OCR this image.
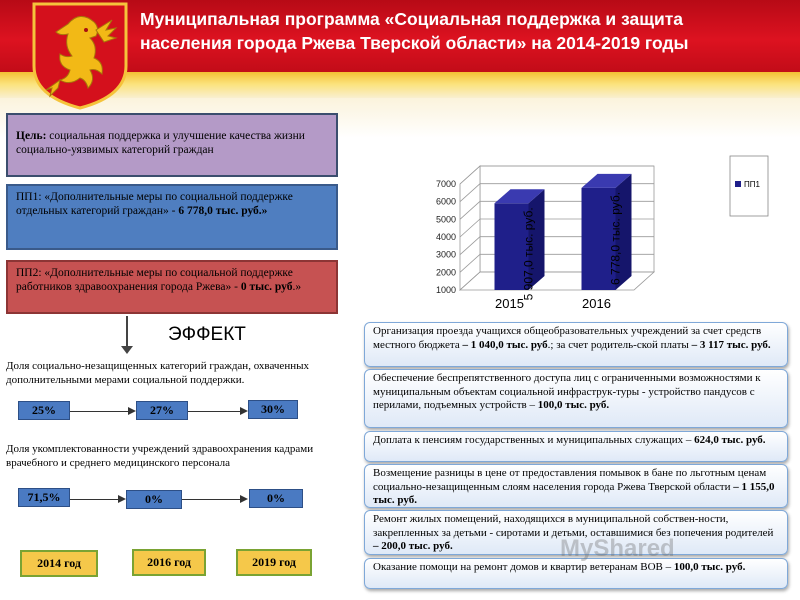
Муниципальная программа «Социальная поддержка и защита
населения города Ржева Тверской области» на 2014-2019 годы
Цель: социальная поддержка и улучшение качества жизни социально-уязвимых категорий граждан
ПП1: «Дополнительные меры по социальной поддержке отдельных категорий граждан» - 6 778,0 тыс. руб.»
ПП2: «Дополнительные меры по социальной поддержке работников здравоохранения города Ржева» - 0 тыс. руб.»
ЭФФЕКТ
Доля социально-незащищенных категорий граждан, охваченных дополнительными мерами социальной поддержки.
25%	27%	30%
Доля укомплектованности учреждений здравоохранения кадрами врачебного и среднего медицинского персонала
71,5%	0%	0%
2014 год	2016 год	2019 год
Организация проезда учащихся общеобразовательных учреждений за счет средств местного бюджета – 1 040,0 тыс. руб.; за счет родитель-ской платы – 3 117 тыс. руб.
Обеспечение беспрепятственного доступа лиц с ограниченными возможностями к муниципальным объектам социальной инфраструк-туры - устройство пандусов с перилами, подъемных устройств – 100,0 тыс. руб.
Доплата к пенсиям государственных и муниципальных служащих – 624,0 тыс. руб.
Возмещение разницы в цене от предоставления помывок в бане по льготным ценам социально-незащищенным слоям населения города Ржева Тверской области – 1 155,0 тыс. руб.
Ремонт жилых помещений, находящихся в муниципальной собствен-ности, закрепленных за детьми - сиротами и детьми, оставшимися без попечения родителей – 200,0 тыс. руб.
Оказание помощи на ремонт домов и квартир ветеранам ВОВ – 100,0 тыс. руб.
1000
2000
3000
4000
5000
6000
7000
5 907,0 тыс. руб.
2015
6 778,0 тыс. руб.
2016
ПП1
MyShared
